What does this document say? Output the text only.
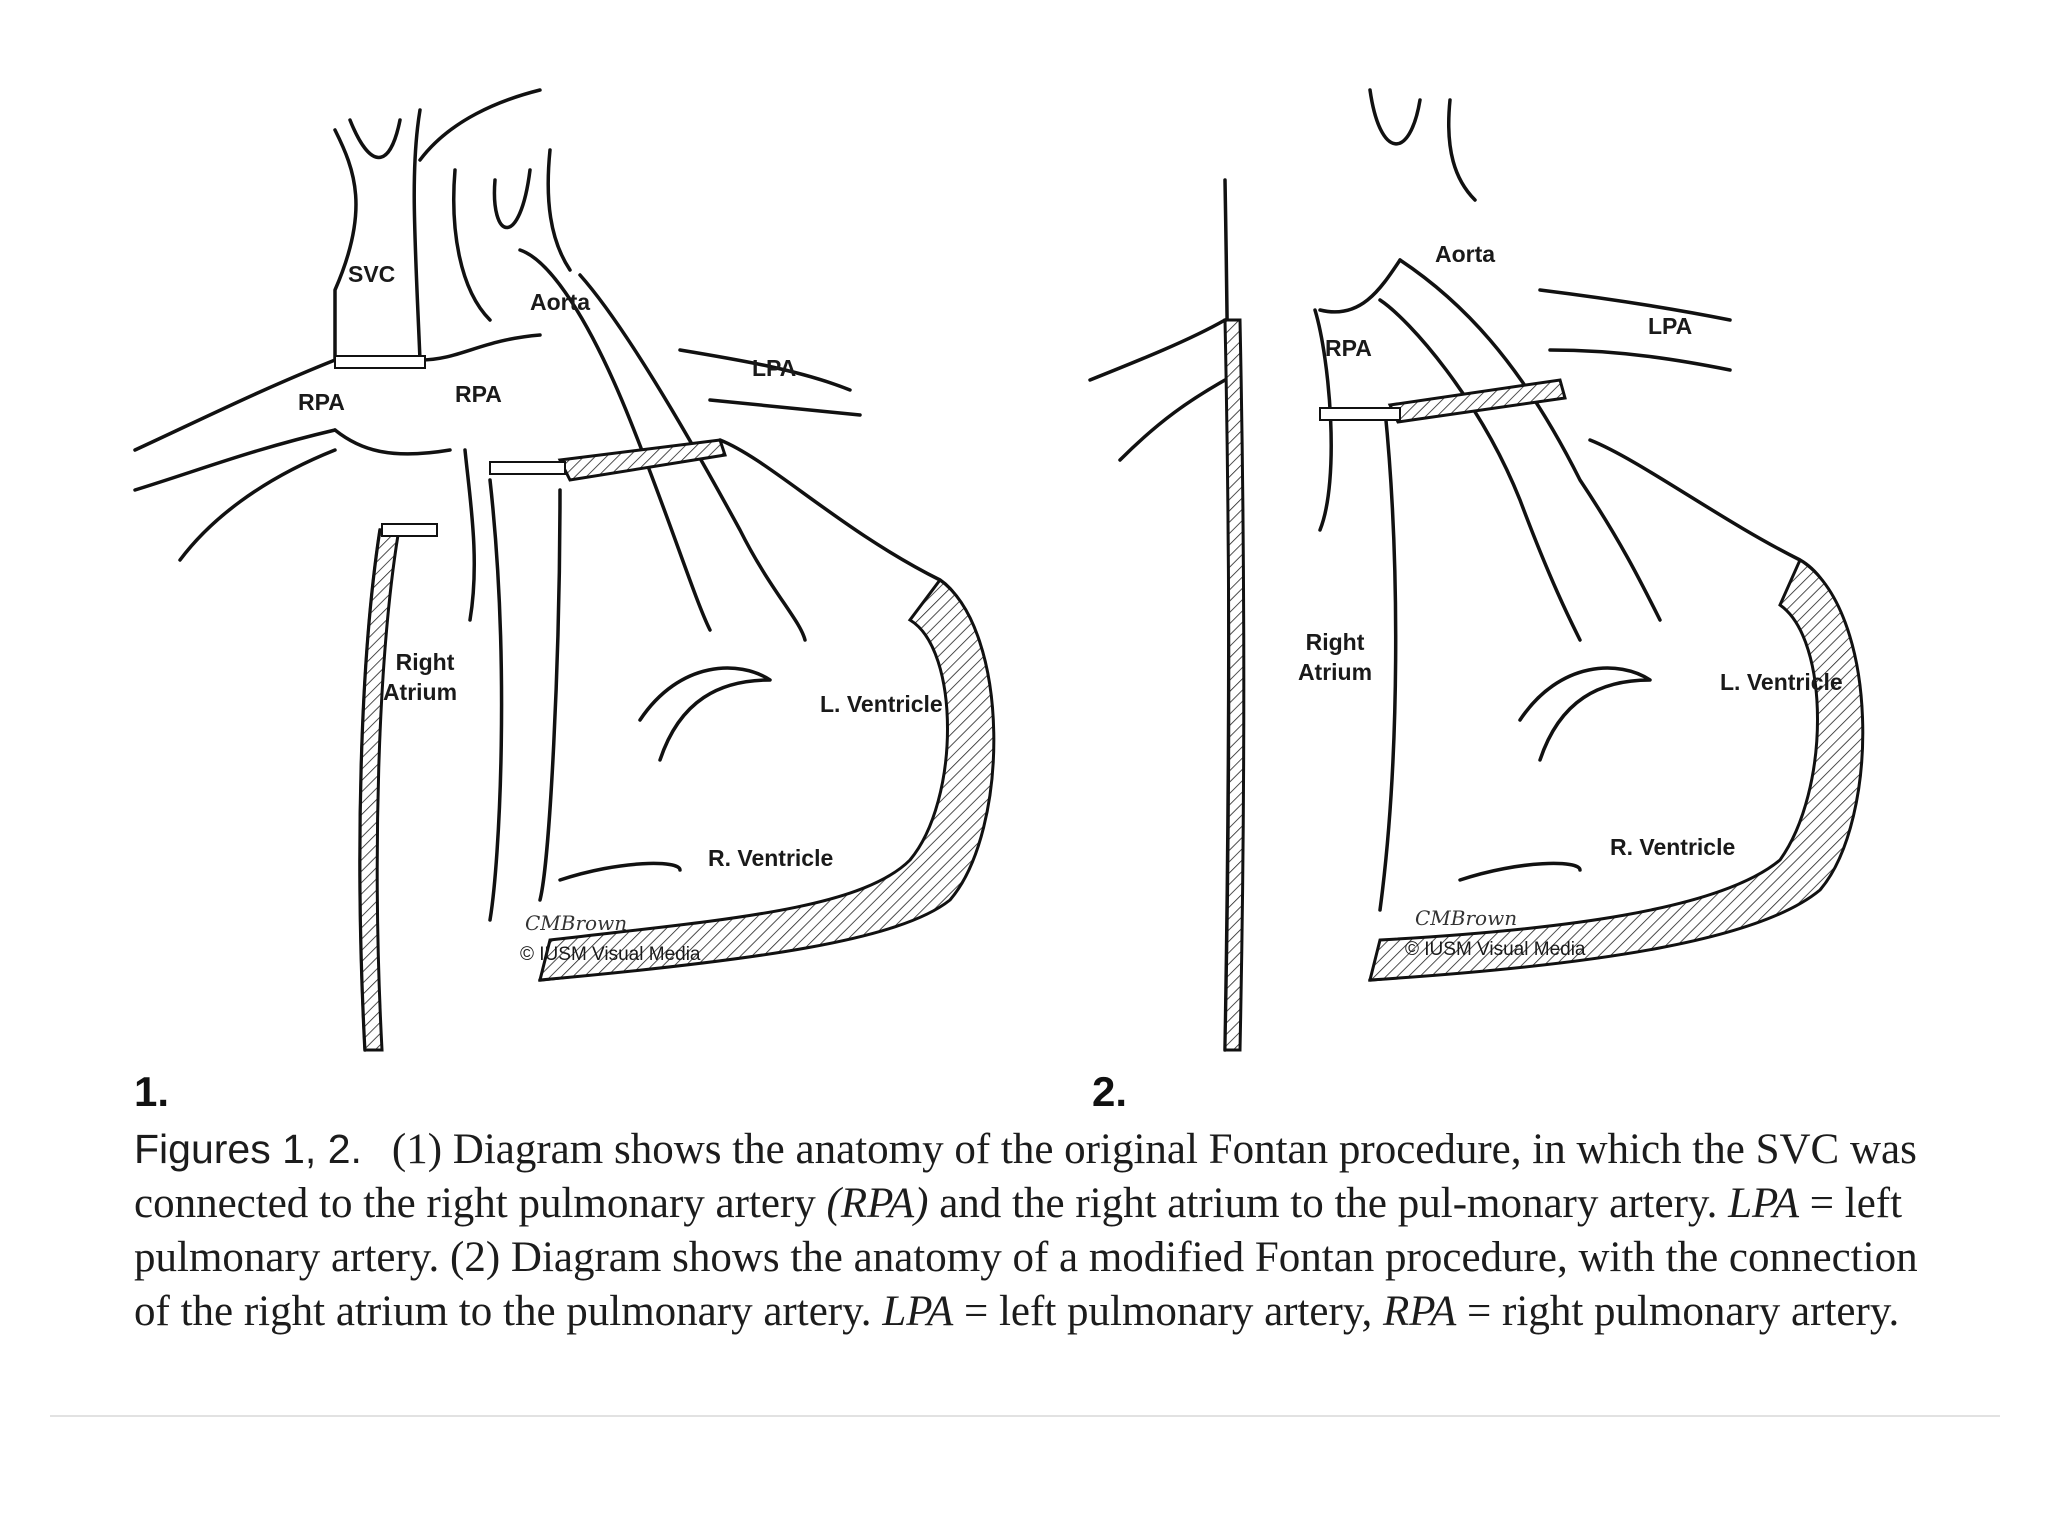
SVC
Aorta
RPA	RPA
LPA
Right
Atrium	L. Ventricle
R. Ventricle
CMBrown
© IUSM Visual Media
Aorta
RPA
LPA
Right
Atrium	L. Ventricle
R. Ventricle
CMBrown
© IUSM Visual Media
1.	2.
Figures 1, 2. (1) Diagram shows the anatomy of the original Fontan procedure, in which the SVC was connected to the right pulmonary artery (RPA) and the right atrium to the pul-monary artery. LPA = left pulmonary artery. (2) Diagram shows the anatomy of a modified Fontan procedure, with the connection of the right atrium to the pulmonary artery. LPA = left pulmonary artery, RPA = right pulmonary artery.
